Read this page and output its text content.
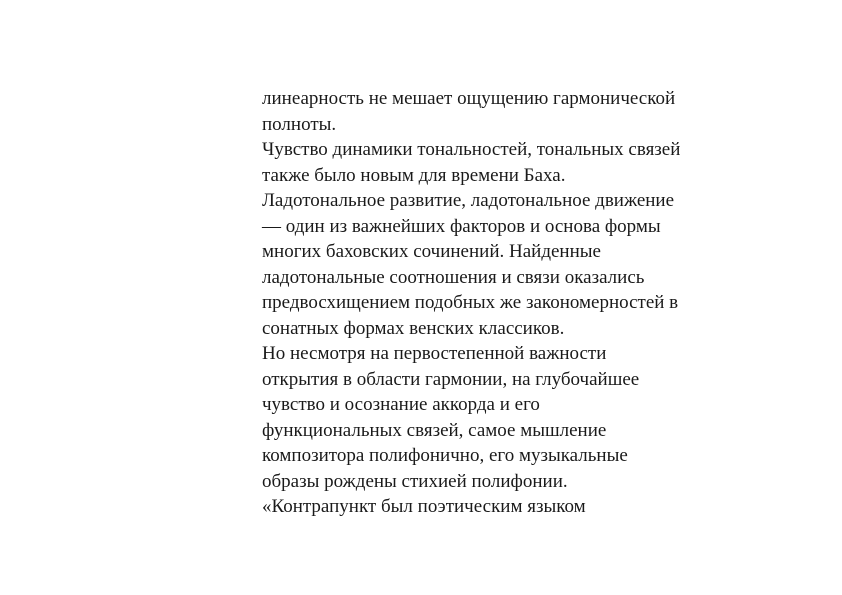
линеарность не мешает ощущению гармонической
полноты.
Чувство динамики тональностей, тональных связей
также было новым для времени Баха.
Ладотональное развитие, ладотональное движение
— один из важнейших факторов и основа формы
многих баховских сочинений. Найденные
ладотональные соотношения и связи оказались
предвосхищением подобных же закономерностей в
сонатных формах венских классиков.
Но несмотря на первостепенной важности
открытия в области гармонии, на глубочайшее
чувство и осознание аккорда и его
функциональных связей, самое мышление
композитора полифонично, его музыкальные
образы рождены стихией полифонии.
«Контрапункт был поэтическим языком
